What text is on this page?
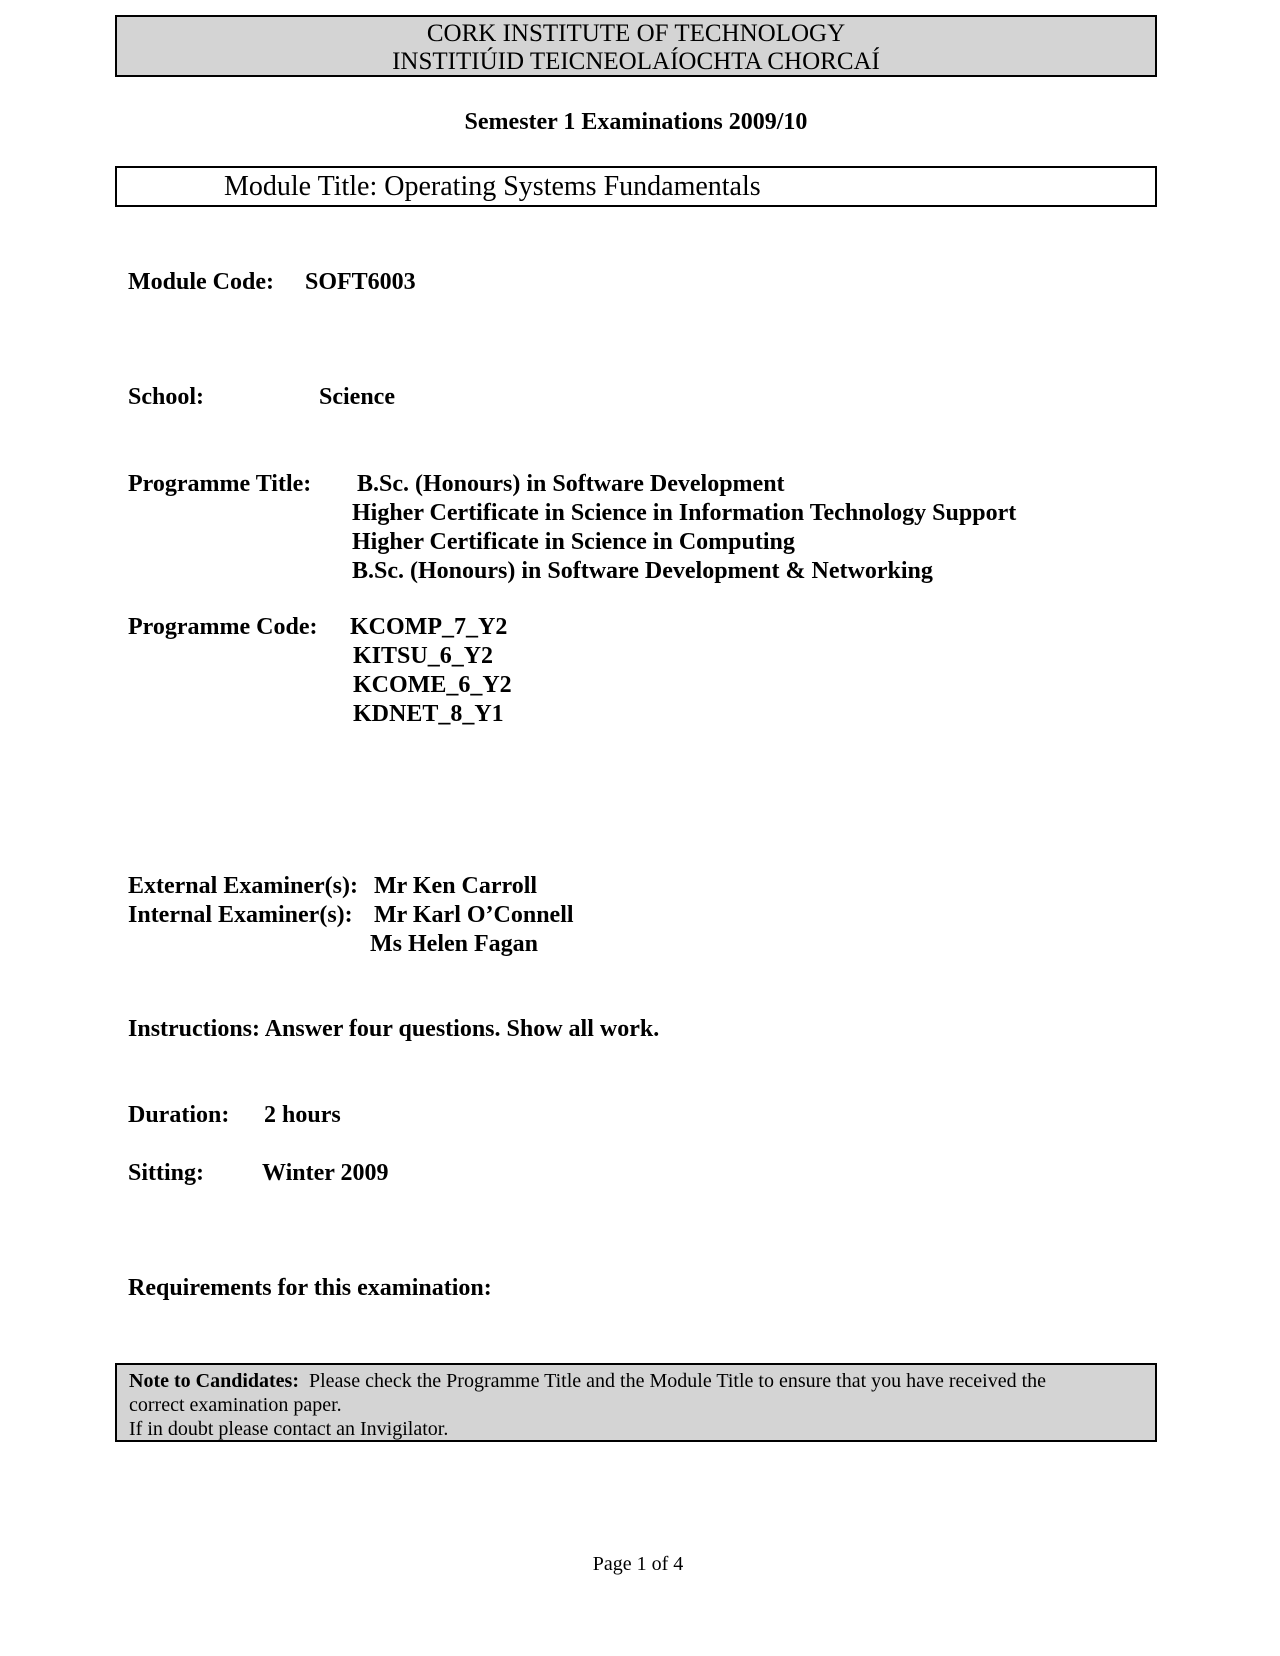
CORK INSTITUTE OF TECHNOLOGY
INSTITIÚID TEICNEOLAÍOCHTA CHORCAÍ
Semester 1 Examinations 2009/10
Module Title: Operating Systems Fundamentals
Module Code: SOFT6003
School:	Science
Programme Title: B.Sc. (Honours) in Software Development
Higher Certificate in Science in Information Technology Support
Higher Certificate in Science in Computing
B.Sc. (Honours) in Software Development & Networking
Programme Code: KCOMP_7_Y2
KITSU_6_Y2
KCOME_6_Y2
KDNET_8_Y1
External Examiner(s): Mr Ken Carroll
Internal Examiner(s): Mr Karl O’Connell
Ms Helen Fagan
Instructions: Answer four questions. Show all work.
Duration: 2 hours
Sitting: Winter 2009
Requirements for this examination:
Note to Candidates: Please check the Programme Title and the Module Title to ensure that you have received the
correct examination paper.
If in doubt please contact an Invigilator.
Page 1 of 4
